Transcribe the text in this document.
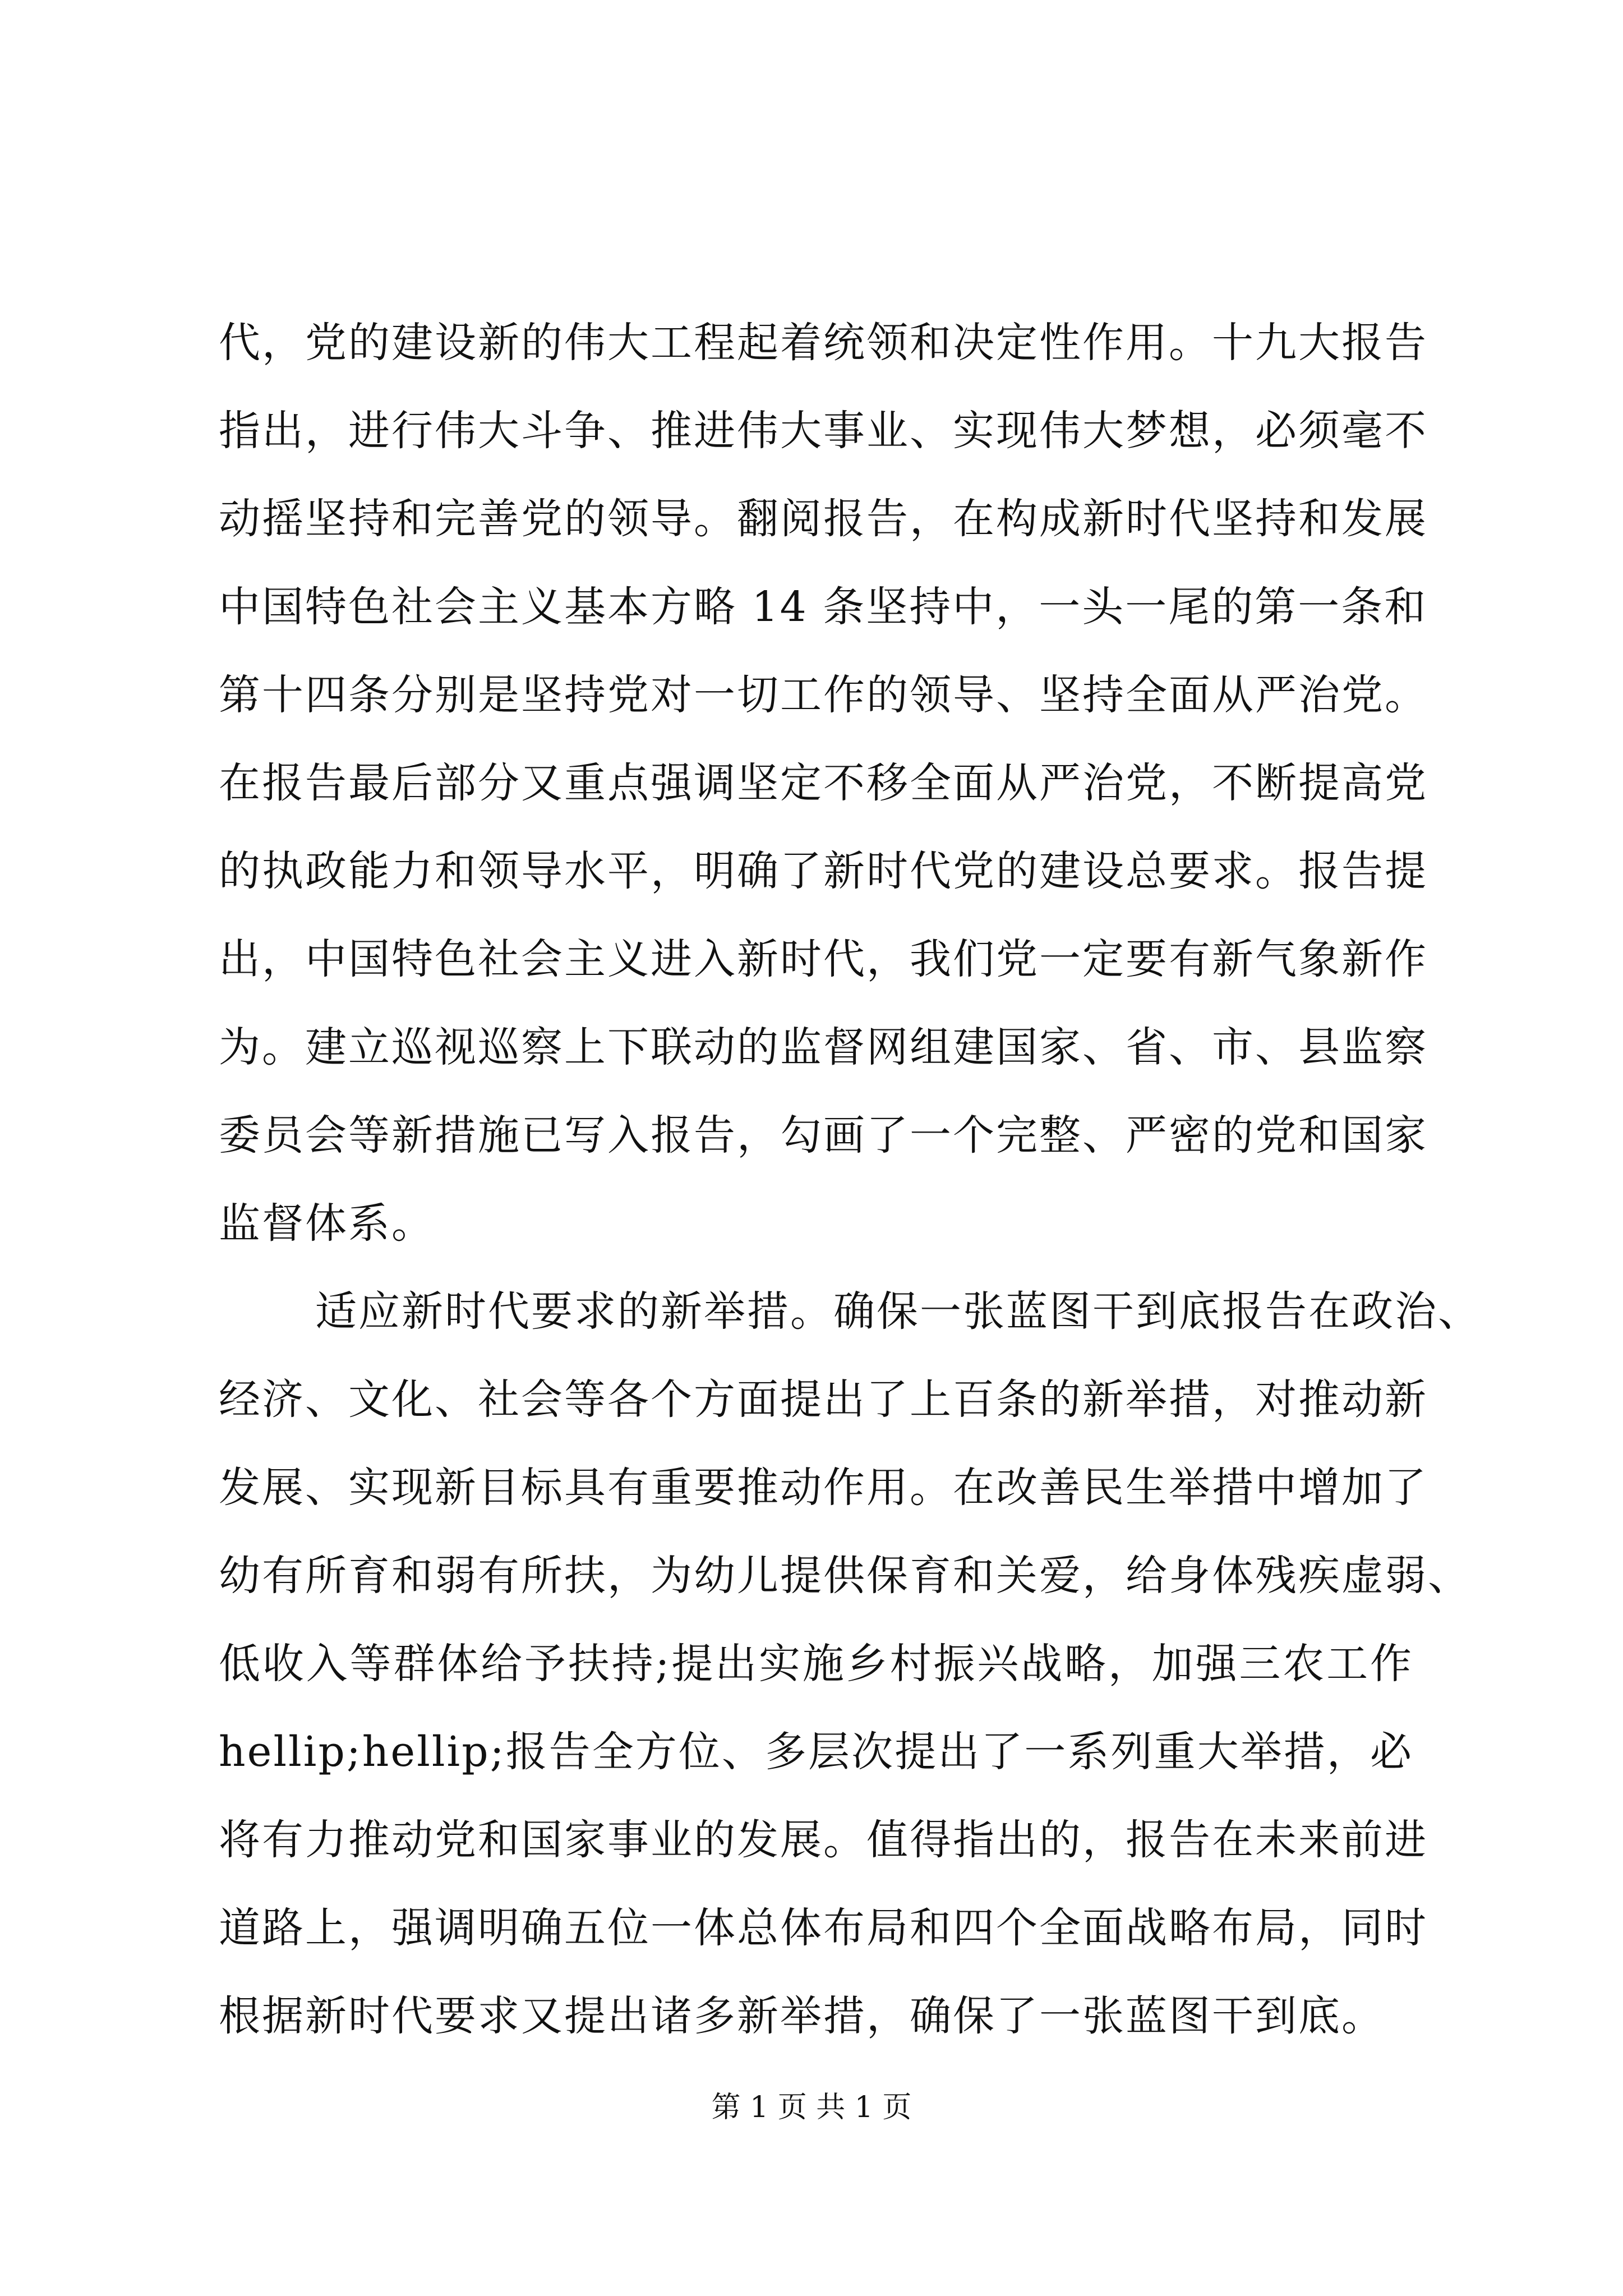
代，党的建设新的伟大工程起着统领和决定性作用。十九大报告
指出，进行伟大斗争、推进伟大事业、实现伟大梦想，必须毫不
动摇坚持和完善党的领导。翻阅报告，在构成新时代坚持和发展
中国特色社会主义基本方略 14 条坚持中，一头一尾的第一条和
第十四条分别是坚持党对一切工作的领导、坚持全面从严治党。
在报告最后部分又重点强调坚定不移全面从严治党，不断提高党
的执政能力和领导水平，明确了新时代党的建设总要求。报告提
出，中国特色社会主义进入新时代，我们党一定要有新气象新作
为。建立巡视巡察上下联动的监督网组建国家、省、市、县监察
委员会等新措施已写入报告，勾画了一个完整、严密的党和国家
监督体系。
适应新时代要求的新举措。确保一张蓝图干到底报告在政治、
经济、文化、社会等各个方面提出了上百条的新举措，对推动新
发展、实现新目标具有重要推动作用。在改善民生举措中增加了
幼有所育和弱有所扶，为幼儿提供保育和关爱，给身体残疾虚弱、
低收入等群体给予扶持;提出实施乡村振兴战略，加强三农工作
hellip;hellip;报告全方位、多层次提出了一系列重大举措，必
将有力推动党和国家事业的发展。值得指出的，报告在未来前进
道路上，强调明确五位一体总体布局和四个全面战略布局，同时
根据新时代要求又提出诸多新举措，确保了一张蓝图干到底。
第 1 页 共 1 页
